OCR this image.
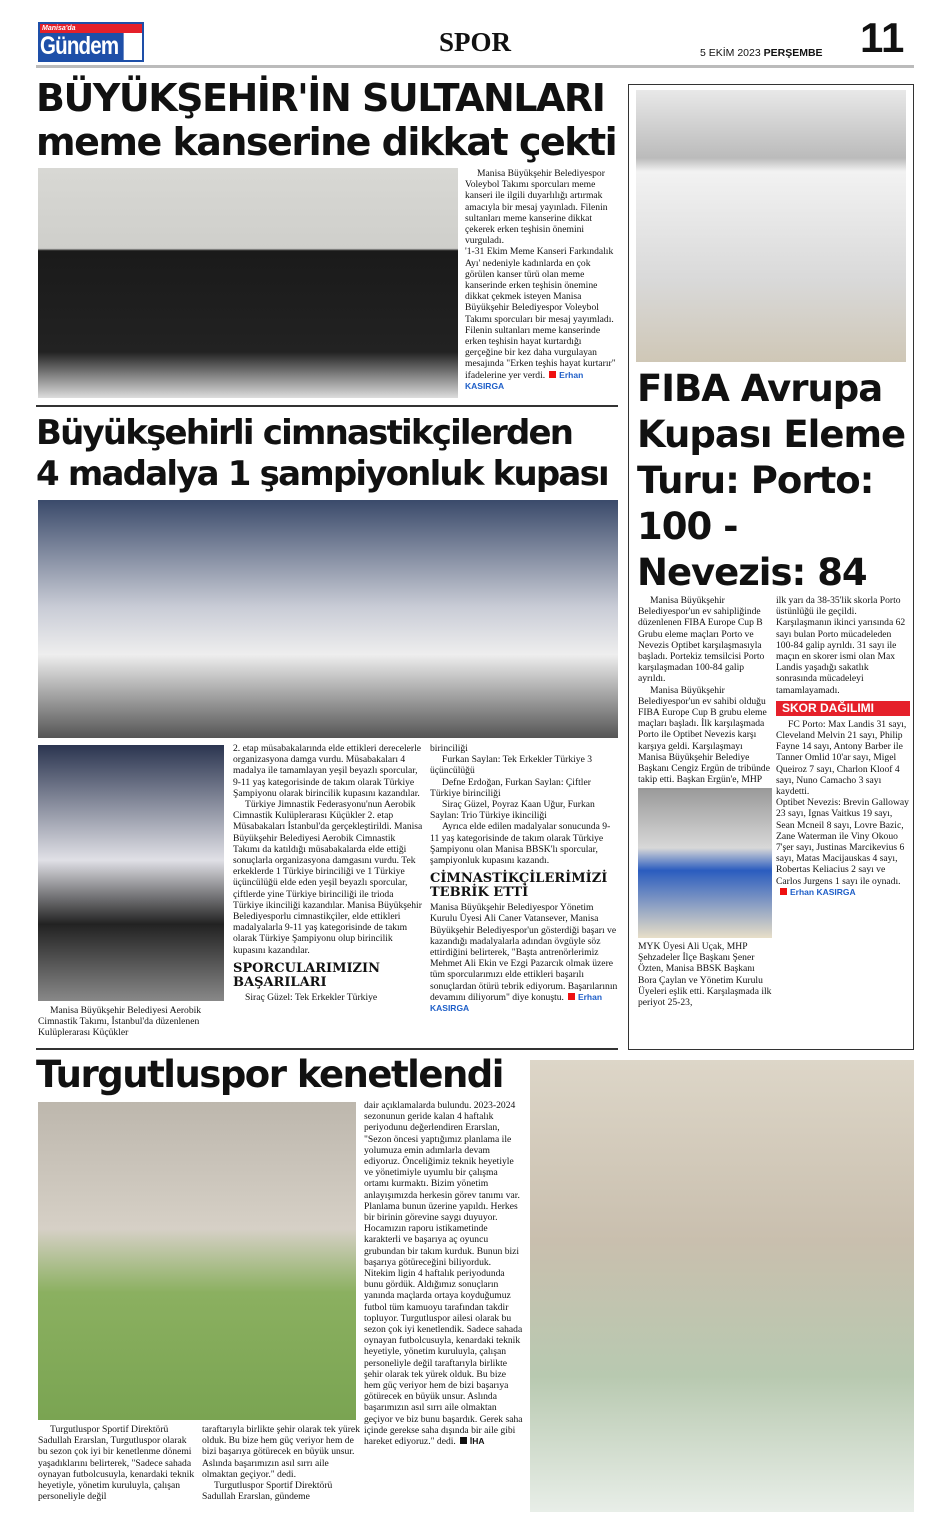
Manisa'da
Gündem	SPOR	5 EKİM 2023 PERŞEMBE 11
BÜYÜKŞEHİR'İN SULTANLARI
meme kanserine dikkat çekti

Manisa Büyükşehir Belediyespor Voleybol Takımı sporcuları meme kanseri ile ilgili duyarlılığı artırmak amacıyla bir mesaj yayınladı. Filenin sultanları meme kanserine dikkat çekerek erken teşhisin önemini vurguladı.

'1-31 Ekim Meme Kanseri Farkındalık Ayı' nedeniyle kadınlarda en çok görülen kanser türü olan meme kanserinde erken teşhisin önemine dikkat çekmek isteyen Manisa Büyükşehir Belediyespor Voleybol Takımı sporcuları bir mesaj yayımladı. Filenin sultanları meme kanserinde erken teşhisin hayat kurtardığı gerçeğine bir kez daha vurgulayan mesajında "Erken teşhis hayat kurtarır" ifadelerine yer verdi. Erhan KASIRGA
Büyükşehirli cimnastikçilerden
4 madalya 1 şampiyonluk kupası
Manisa Büyükşehir Belediyesi Aerobik Cimnastik Takımı, İstanbul'da düzenlenen Kulüplerarası Küçükler

2. etap müsabakalarında elde ettikleri derecelerle organizasyona damga vurdu. Müsabakaları 4 madalya ile tamamlayan yeşil beyazlı sporcular, 9-11 yaş kategorisinde de takım olarak Türkiye Şampiyonu olarak birincilik kupasını kazandılar.

Türkiye Jimnastik Federasyonu'nun Aerobik Cimnastik Kulüplerarası Küçükler 2. etap Müsabakaları İstanbul'da gerçekleştirildi. Manisa Büyükşehir Belediyesi Aerobik Cimnastik Takımı da katıldığı müsabakalarda elde ettiği sonuçlarla organizasyona damgasını vurdu. Tek erkeklerde 1 Türkiye birinciliği ve 1 Türkiye üçüncülüğü elde eden yeşil beyazlı sporcular, çiftlerde yine Türkiye birinciliği ile trioda Türkiye ikinciliği kazandılar. Manisa Büyükşehir Belediyesporlu cimnastikçiler, elde ettikleri madalyalarla 9-11 yaş kategorisinde de takım olarak Türkiye Şampiyonu olup birincilik kupasını kazandılar.

SPORCULARIMIZIN BAŞARILARI

Siraç Güzel: Tek Erkekler Türkiye

birinciliği

Furkan Saylan: Tek Erkekler Türkiye 3 üçüncülüğü

Defne Erdoğan, Furkan Saylan: Çiftler Türkiye birinciliği

Siraç Güzel, Poyraz Kaan Uğur, Furkan Saylan: Trio Türkiye ikinciliği

Ayrıca elde edilen madalyalar sonucunda 9-11 yaş kategorisinde de takım olarak Türkiye Şampiyonu olan Manisa BBSK'lı sporcular, şampiyonluk kupasını kazandı.

CİMNASTİKÇİLERİMİZİ TEBRİK ETTİ

Manisa Büyükşehir Belediyespor Yönetim Kurulu Üyesi Ali Caner Vatansever, Manisa Büyükşehir Belediyespor'un gösterdiği başarı ve kazandığı madalyalarla adından övgüyle söz ettirdiğini belirterek, "Başta antrenörlerimiz Mehmet Ali Ekin ve Ezgi Pazarcık olmak üzere tüm sporcularımızı elde ettikleri başarılı sonuçlardan ötürü tebrik ediyorum. Başarılarının devamını diliyorum" diye konuştu. Erhan KASIRGA
FIBA Avrupa Kupası Eleme Turu: Porto: 100 - Nevezis: 84

Manisa Büyükşehir Belediyespor'un ev sahipliğinde düzenlenen FIBA Europe Cup B Grubu eleme maçları Porto ve Nevezis Optibet karşılaşmasıyla başladı. Portekiz temsilcisi Porto karşılaşmadan 100-84 galip ayrıldı.

Manisa Büyükşehir Belediyespor'un ev sahibi olduğu FIBA Europe Cup B grubu eleme maçları başladı. İlk karşılaşmada Porto ile Optibet Nevezis karşı karşıya geldi. Karşılaşmayı Manisa Büyükşehir Belediye Başkanı Cengiz Ergün de tribünde takip etti. Başkan Ergün'e, MHP MYK Üyesi Ali Uçak, MHP Şehzadeler İlçe Başkanı Şener Özten, Manisa BBSK Başkanı Bora Çaylan ve Yönetim Kurulu Üyeleri eşlik etti. Karşılaşmada ilk periyot 25-23,

ilk yarı da 38-35'lik skorla Porto üstünlüğü ile geçildi. Karşılaşmanın ikinci yarısında 62 sayı bulan Porto mücadeleden 100-84 galip ayrıldı. 31 sayı ile maçın en skorer ismi olan Max Landis yaşadığı sakatlık sonrasında mücadeleyi tamamlayamadı.

SKOR DAĞILIMI

FC Porto: Max Landis 31 sayı, Cleveland Melvin 21 sayı, Philip Fayne 14 sayı, Antony Barber ile Tanner Omlid 10'ar sayı, Migel Queiroz 7 sayı, Charlon Kloof 4 sayı, Nuno Camacho 3 sayı kaydetti.

Optibet Nevezis: Brevin Galloway 23 sayı, Ignas Vaitkus 19 sayı, Sean Mcneil 8 sayı, Lovre Bazic, Zane Waterman ile Viny Okouo 7'şer sayı, Justinas Marcikevius 6 sayı, Matas Macijauskas 4 sayı, Robertas Keliacius 2 sayı ve Carlos Jurgens 1 sayı ile oynadı.

Erhan KASIRGA
Turgutluspor kenetlendi
Turgutluspor Sportif Direktörü Sadullah Erarslan, Turgutluspor olarak bu sezon çok iyi bir kenetlenme dönemi yaşadıklarını belirterek, "Sadece sahada oynayan futbolcusuyla, kenardaki teknik heyetiyle, yönetim kuruluyla, çalışan personeliyle değil

taraftarıyla birlikte şehir olarak tek yürek olduk. Bu bize hem güç veriyor hem de bizi başarıya götürecek en büyük unsur. Aslında başarımızın asıl sırrı aile olmaktan geçiyor." dedi.

Turgutluspor Sportif Direktörü Sadullah Erarslan, gündeme

dair açıklamalarda bulundu. 2023-2024 sezonunun geride kalan 4 haftalık periyodunu değerlendiren Erarslan, "Sezon öncesi yaptığımız planlama ile yolumuza emin adımlarla devam ediyoruz. Önceliğimiz teknik heyetiyle ve yönetimiyle uyumlu bir çalışma ortamı kurmaktı. Bizim yönetim anlayışımızda herkesin görev tanımı var. Planlama bunun üzerine yapıldı. Herkes bir birinin görevine saygı duyuyor. Hocamızın raporu istikametinde karakterli ve başarıya aç oyuncu grubundan bir takım kurduk. Bunun bizi başarıya götüreceğini biliyorduk. Nitekim ligin 4 haftalık periyodunda bunu gördük. Aldığımız sonuçların yanında maçlarda ortaya koyduğumuz futbol tüm kamuoyu tarafından takdir topluyor. Turgutluspor ailesi olarak bu sezon çok iyi kenetlendik. Sadece sahada oynayan futbolcusuyla, kenardaki teknik heyetiyle, yönetim kuruluyla, çalışan personeliyle değil taraftarıyla birlikte şehir olarak tek yürek olduk. Bu bize hem güç veriyor hem de bizi başarıya götürecek en büyük unsur. Aslında başarımızın asıl sırrı aile olmaktan geçiyor ve biz bunu başardık. Gerek saha içinde gerekse saha dışında bir aile gibi hareket ediyoruz." dedi. İHA
